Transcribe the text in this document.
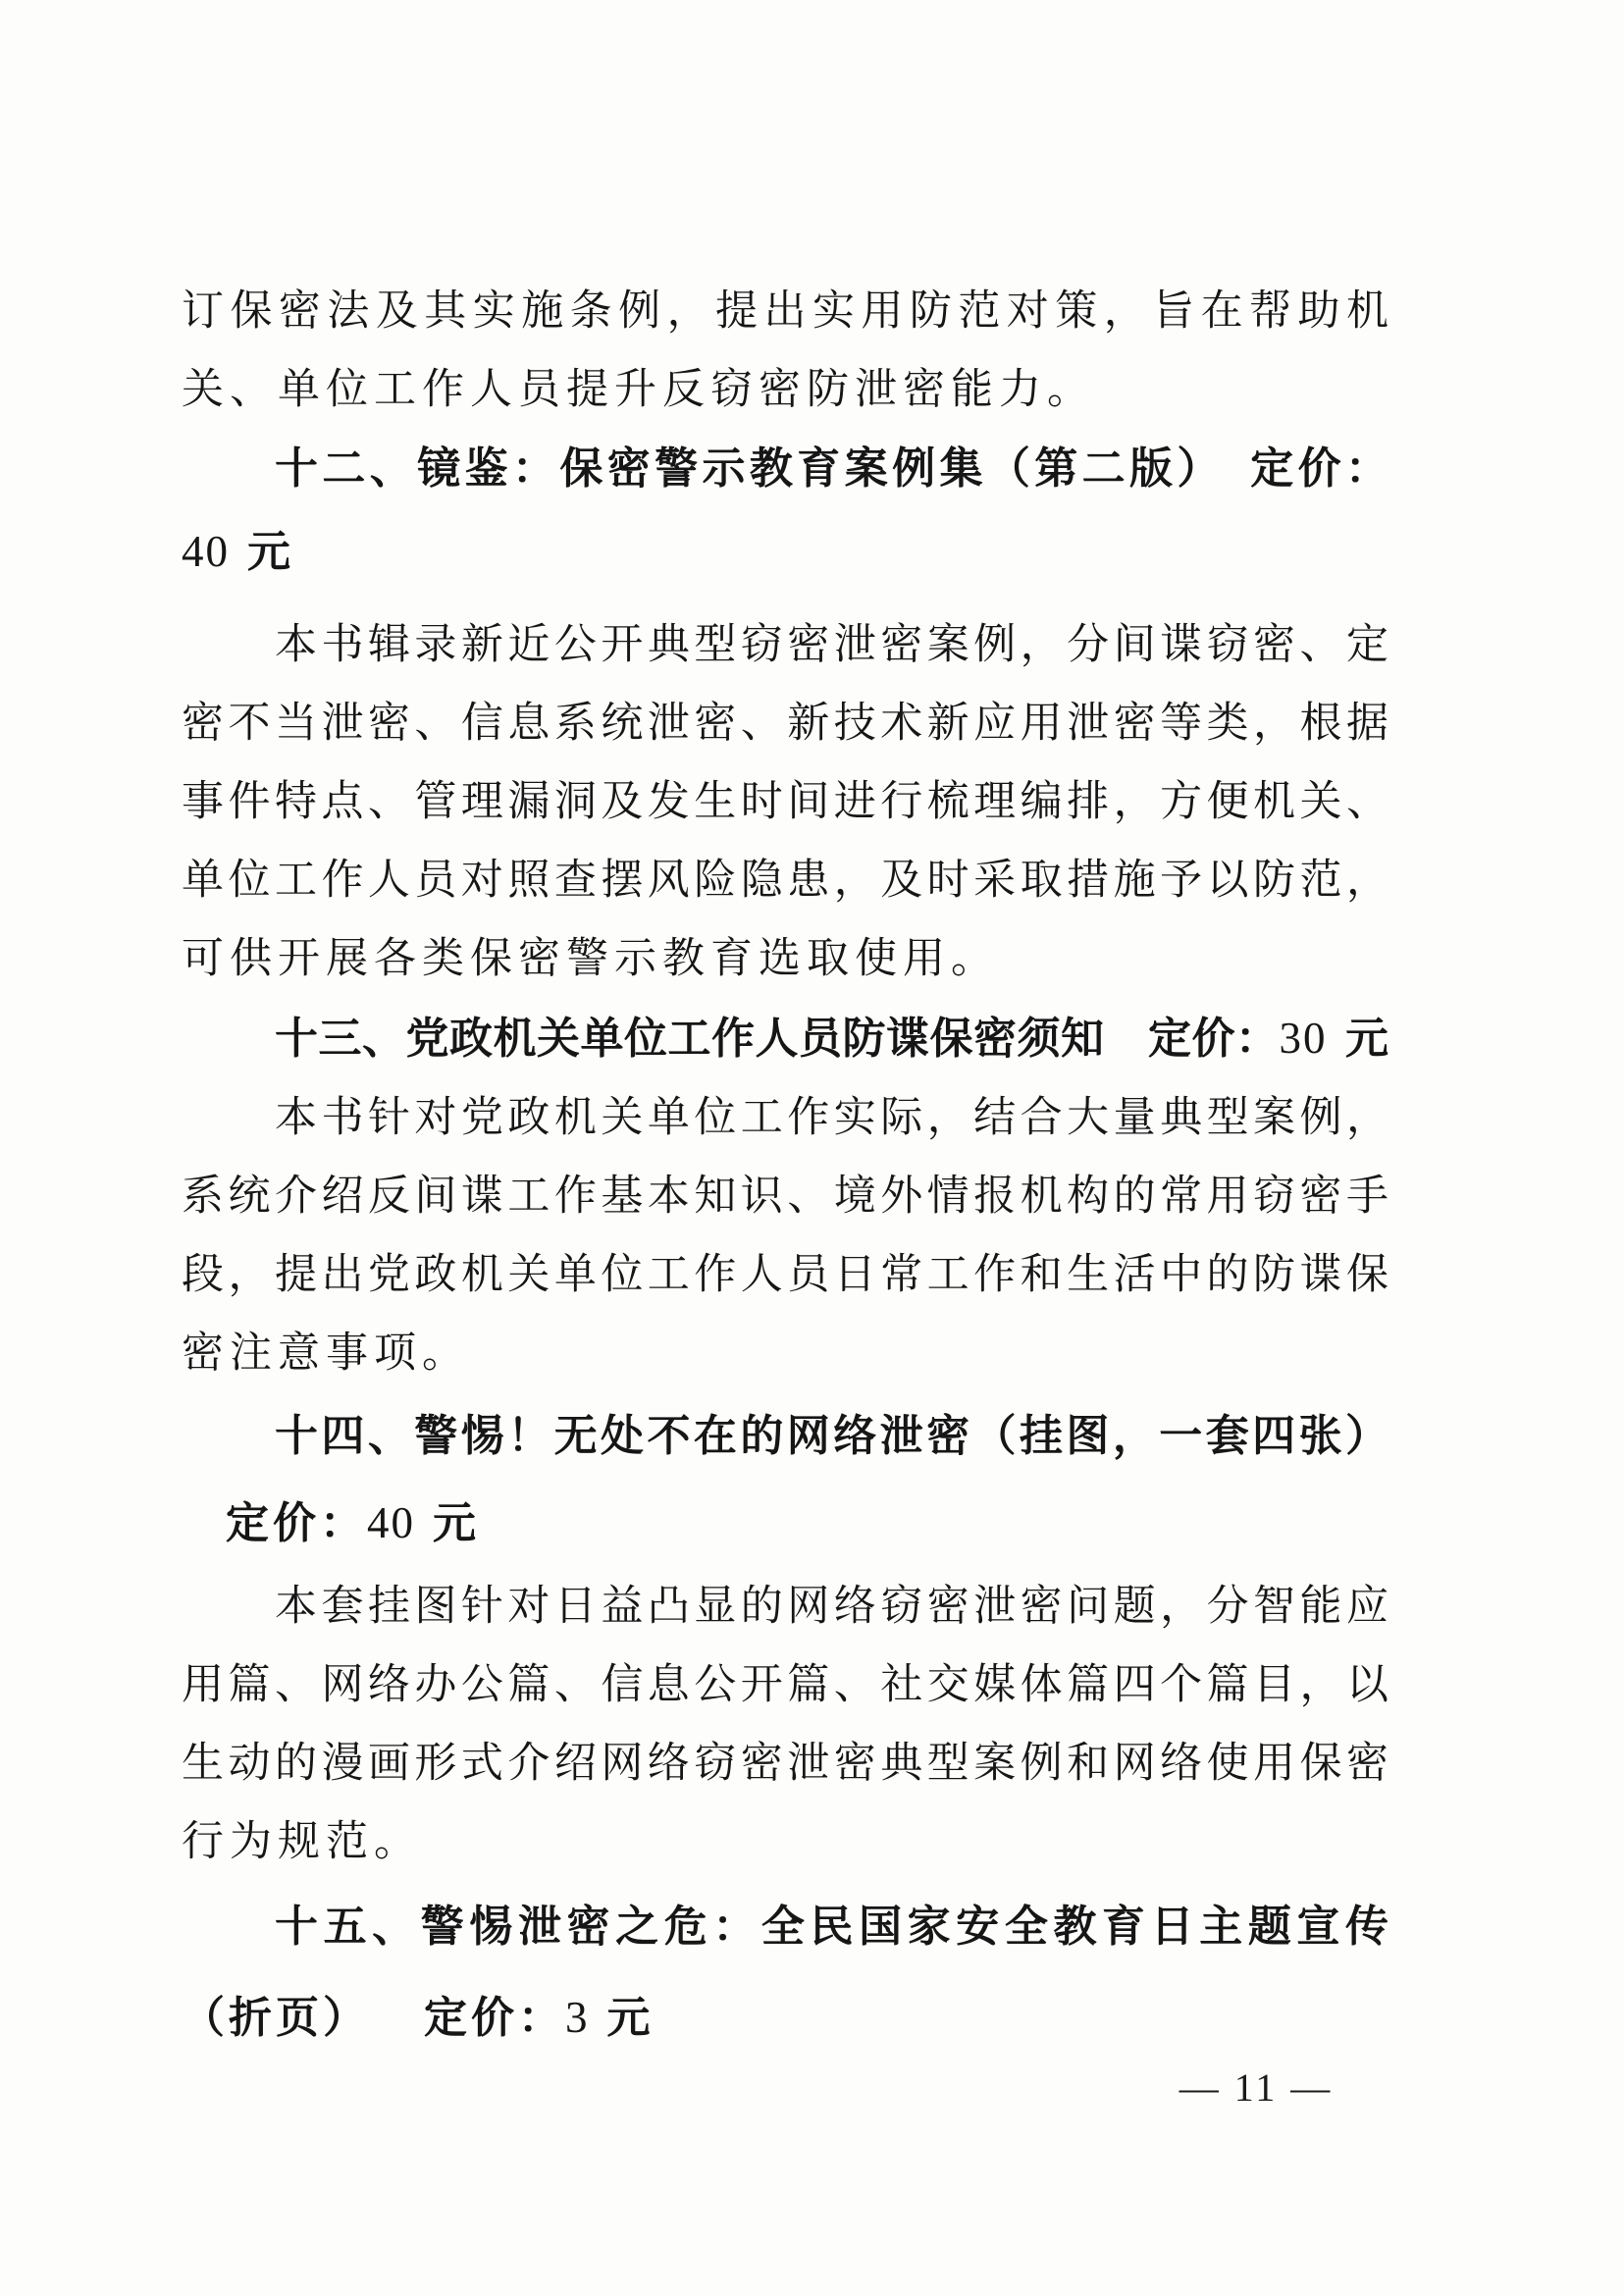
订保密法及其实施条例，提出实用防范对策，旨在帮助机
关、单位工作人员提升反窃密防泄密能力。
十二、镜鉴：保密警示教育案例集（第二版）　定价：
40 元
本书辑录新近公开典型窃密泄密案例，分间谍窃密、定
密不当泄密、信息系统泄密、新技术新应用泄密等类，根据
事件特点、管理漏洞及发生时间进行梳理编排，方便机关、
单位工作人员对照查摆风险隐患，及时采取措施予以防范，
可供开展各类保密警示教育选取使用。
十三、党政机关单位工作人员防谍保密须知　定价：30 元
本书针对党政机关单位工作实际，结合大量典型案例，
系统介绍反间谍工作基本知识、境外情报机构的常用窃密手
段，提出党政机关单位工作人员日常工作和生活中的防谍保
密注意事项。
十四、警惕！无处不在的网络泄密（挂图，一套四张）
定价：40 元
本套挂图针对日益凸显的网络窃密泄密问题，分智能应
用篇、网络办公篇、信息公开篇、社交媒体篇四个篇目，以
生动的漫画形式介绍网络窃密泄密典型案例和网络使用保密
行为规范。
十五、警惕泄密之危：全民国家安全教育日主题宣传
（折页） 定价：3 元
— 11 —
